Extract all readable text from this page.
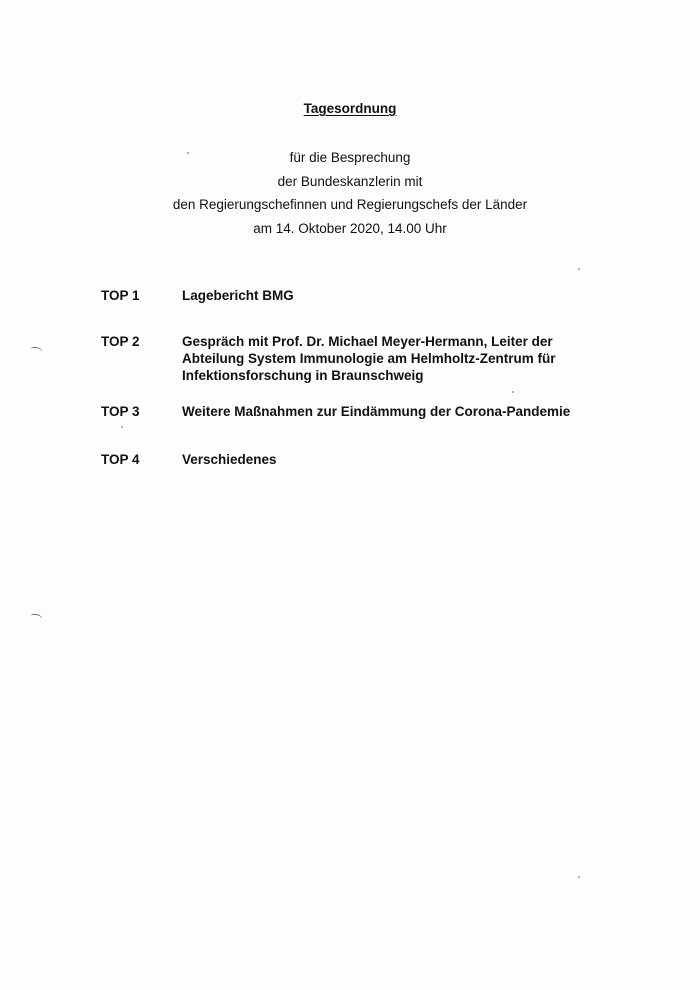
Tagesordnung
für die Besprechung
der Bundeskanzlerin mit
den Regierungschefinnen und Regierungschefs der Länder
am 14. Oktober 2020, 14.00 Uhr
TOP 1	Lagebericht BMG
TOP 2	Gespräch mit Prof. Dr. Michael Meyer-Hermann, Leiter der
Abteilung System Immunologie am Helmholtz-Zentrum für
Infektionsforschung in Braunschweig
TOP 3	Weitere Maßnahmen zur Eindämmung der Corona-Pandemie
TOP 4	Verschiedenes
